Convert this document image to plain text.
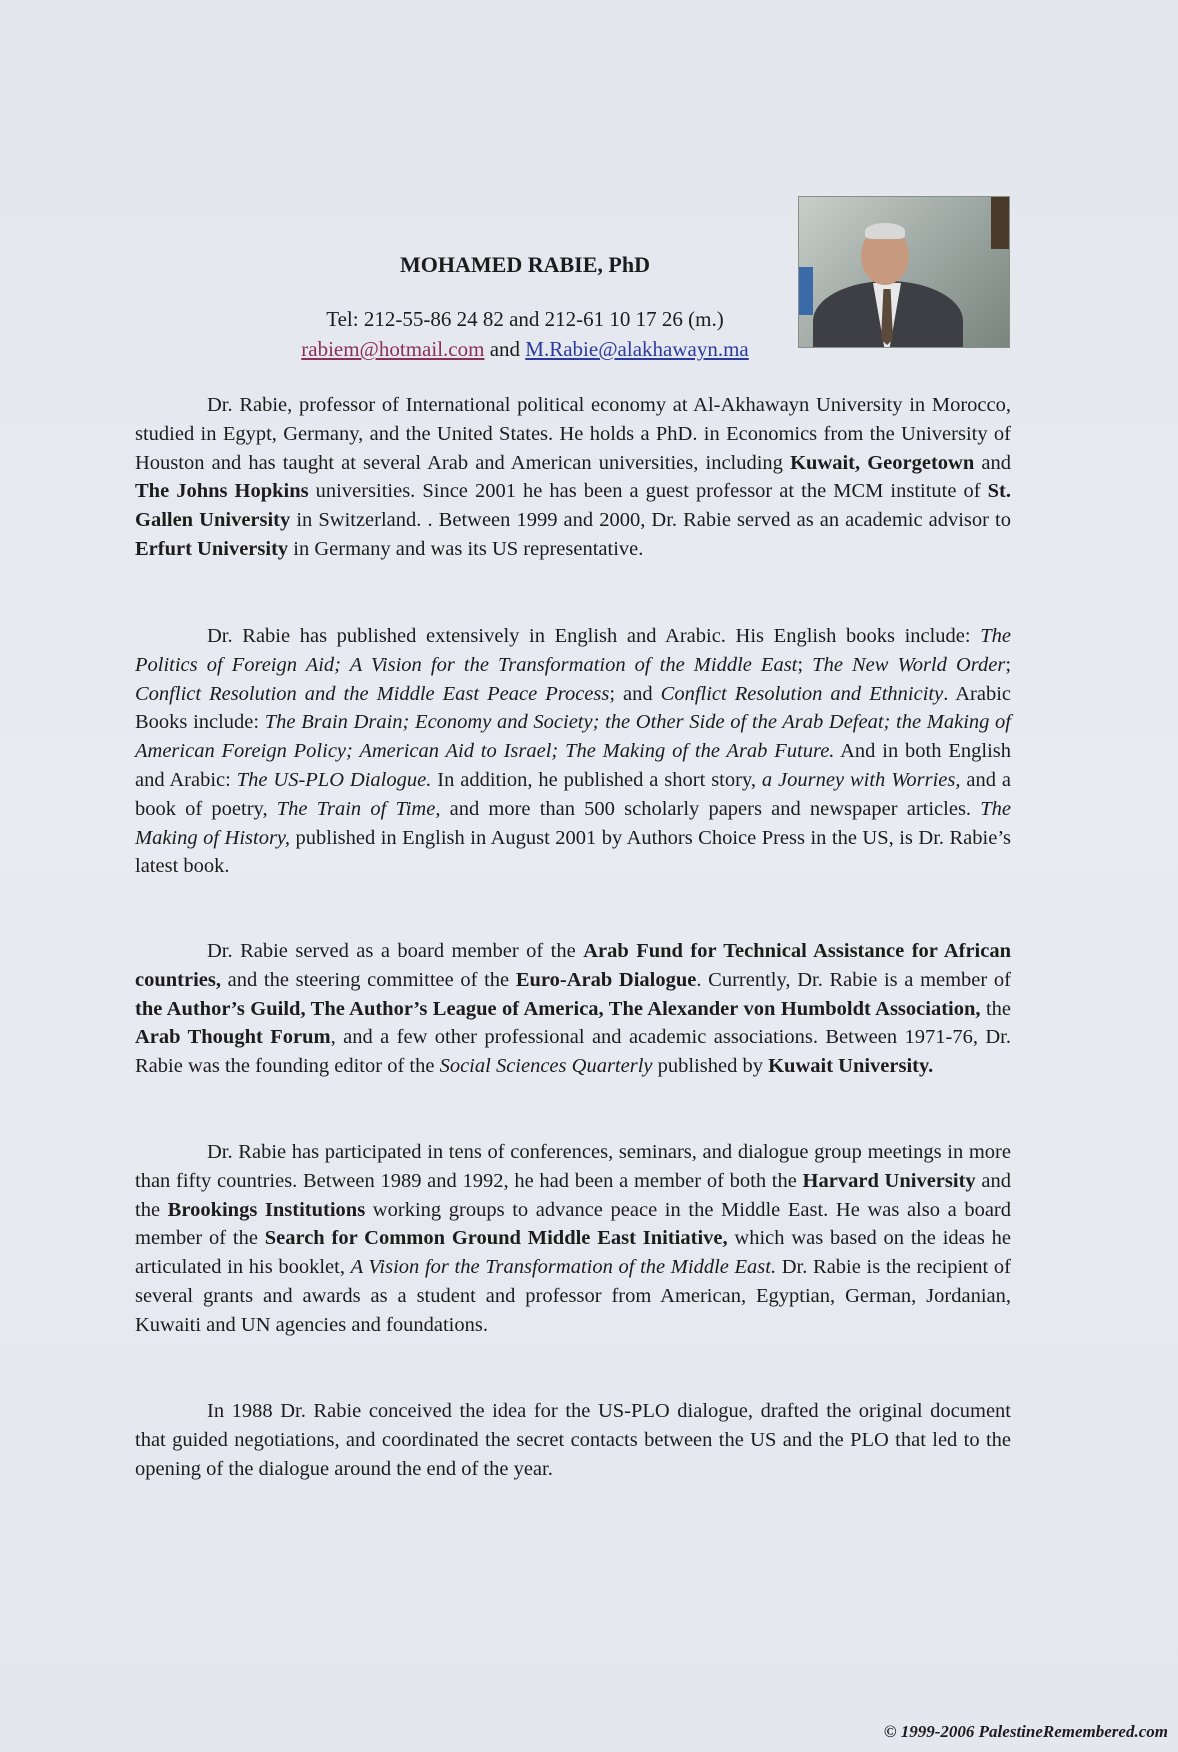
MOHAMED RABIE, PhD
Tel: 212-55-86 24 82 and 212-61 10 17 26 (m.)
rabiem@hotmail.com and M.Rabie@alakhawayn.ma

Dr. Rabie, professor of International political economy at Al-Akhawayn University in Morocco, studied in Egypt, Germany, and the United States. He holds a PhD. in Economics from the University of Houston and has taught at several Arab and American universities, including Kuwait, Georgetown and The Johns Hopkins universities. Since 2001 he has been a guest professor at the MCM institute of St. Gallen University in Switzerland. . Between 1999 and 2000, Dr. Rabie served as an academic advisor to Erfurt University in Germany and was its US representative.

Dr. Rabie has published extensively in English and Arabic. His English books include: The Politics of Foreign Aid; A Vision for the Transformation of the Middle East; The New World Order; Conflict Resolution and the Middle East Peace Process; and Conflict Resolution and Ethnicity. Arabic Books include: The Brain Drain; Economy and Society; the Other Side of the Arab Defeat; the Making of American Foreign Policy; American Aid to Israel; The Making of the Arab Future. And in both English and Arabic: The US-PLO Dialogue. In addition, he published a short story, a Journey with Worries, and a book of poetry, The Train of Time, and more than 500 scholarly papers and newspaper articles. The Making of History, published in English in August 2001 by Authors Choice Press in the US, is Dr. Rabie’s latest book.

Dr. Rabie served as a board member of the Arab Fund for Technical Assistance for African countries, and the steering committee of the Euro-Arab Dialogue. Currently, Dr. Rabie is a member of the Author’s Guild, The Author’s League of America, The Alexander von Humboldt Association, the Arab Thought Forum, and a few other professional and academic associations. Between 1971-76, Dr. Rabie was the founding editor of the Social Sciences Quarterly published by Kuwait University.

Dr. Rabie has participated in tens of conferences, seminars, and dialogue group meetings in more than fifty countries. Between 1989 and 1992, he had been a member of both the Harvard University and the Brookings Institutions working groups to advance peace in the Middle East. He was also a board member of the Search for Common Ground Middle East Initiative, which was based on the ideas he articulated in his booklet, A Vision for the Transformation of the Middle East. Dr. Rabie is the recipient of several grants and awards as a student and professor from American, Egyptian, German, Jordanian, Kuwaiti and UN agencies and foundations.

In 1988 Dr. Rabie conceived the idea for the US-PLO dialogue, drafted the original document that guided negotiations, and coordinated the secret contacts between the US and the PLO that led to the opening of the dialogue around the end of the year.

© 1999-2006 PalestineRemembered.com
